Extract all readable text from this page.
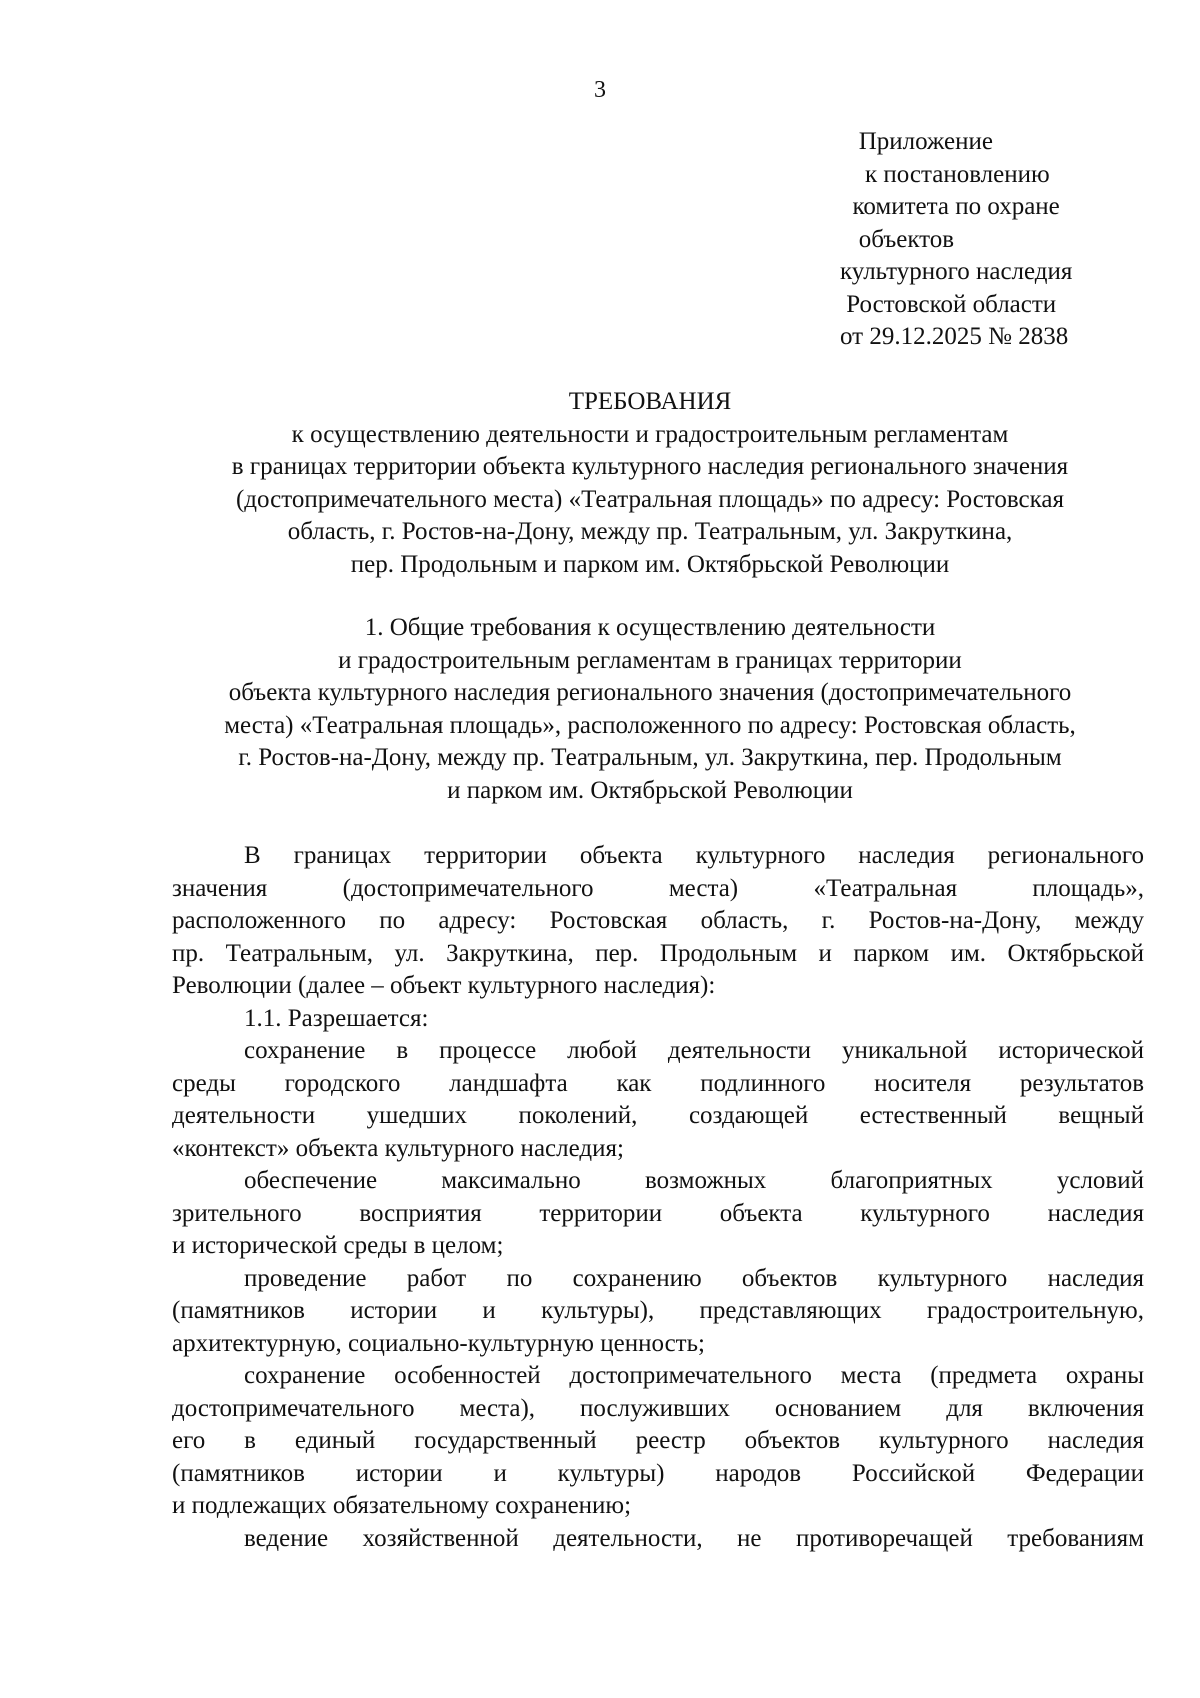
3
Приложение
к постановлению
комитета по охране
объектов
культурного наследия
Ростовской области
от 29.12.2025 № 2838
ТРЕБОВАНИЯ
к осуществлению деятельности и градостроительным регламентам
в границах территории объекта культурного наследия регионального значения
(достопримечательного места) «Театральная площадь» по адресу: Ростовская
область, г. Ростов-на-Дону, между пр. Театральным, ул. Закруткина,
пер. Продольным и парком им. Октябрьской Революции
1. Общие требования к осуществлению деятельности
и градостроительным регламентам в границах территории
объекта культурного наследия регионального значения (достопримечательного
места) «Театральная площадь», расположенного по адресу: Ростовская область,
г. Ростов-на-Дону, между пр. Театральным, ул. Закруткина, пер. Продольным
и парком им. Октябрьской Революции
В границах территории объекта культурного наследия регионального
значения (достопримечательного места) «Театральная площадь»,
расположенного по адресу: Ростовская область, г. Ростов-на-Дону, между
пр. Театральным, ул. Закруткина, пер. Продольным и парком им. Октябрьской
Революции (далее – объект культурного наследия):
1.1. Разрешается:
сохранение в процессе любой деятельности уникальной исторической
среды городского ландшафта как подлинного носителя результатов
деятельности ушедших поколений, создающей естественный вещный
«контекст» объекта культурного наследия;
обеспечение максимально возможных благоприятных условий
зрительного восприятия территории объекта культурного наследия
и исторической среды в целом;
проведение работ по сохранению объектов культурного наследия
(памятников истории и культуры), представляющих градостроительную,
архитектурную, социально-культурную ценность;
сохранение особенностей достопримечательного места (предмета охраны
достопримечательного места), послуживших основанием для включения
его в единый государственный реестр объектов культурного наследия
(памятников истории и культуры) народов Российской Федерации
и подлежащих обязательному сохранению;
ведение хозяйственной деятельности, не противоречащей требованиям
